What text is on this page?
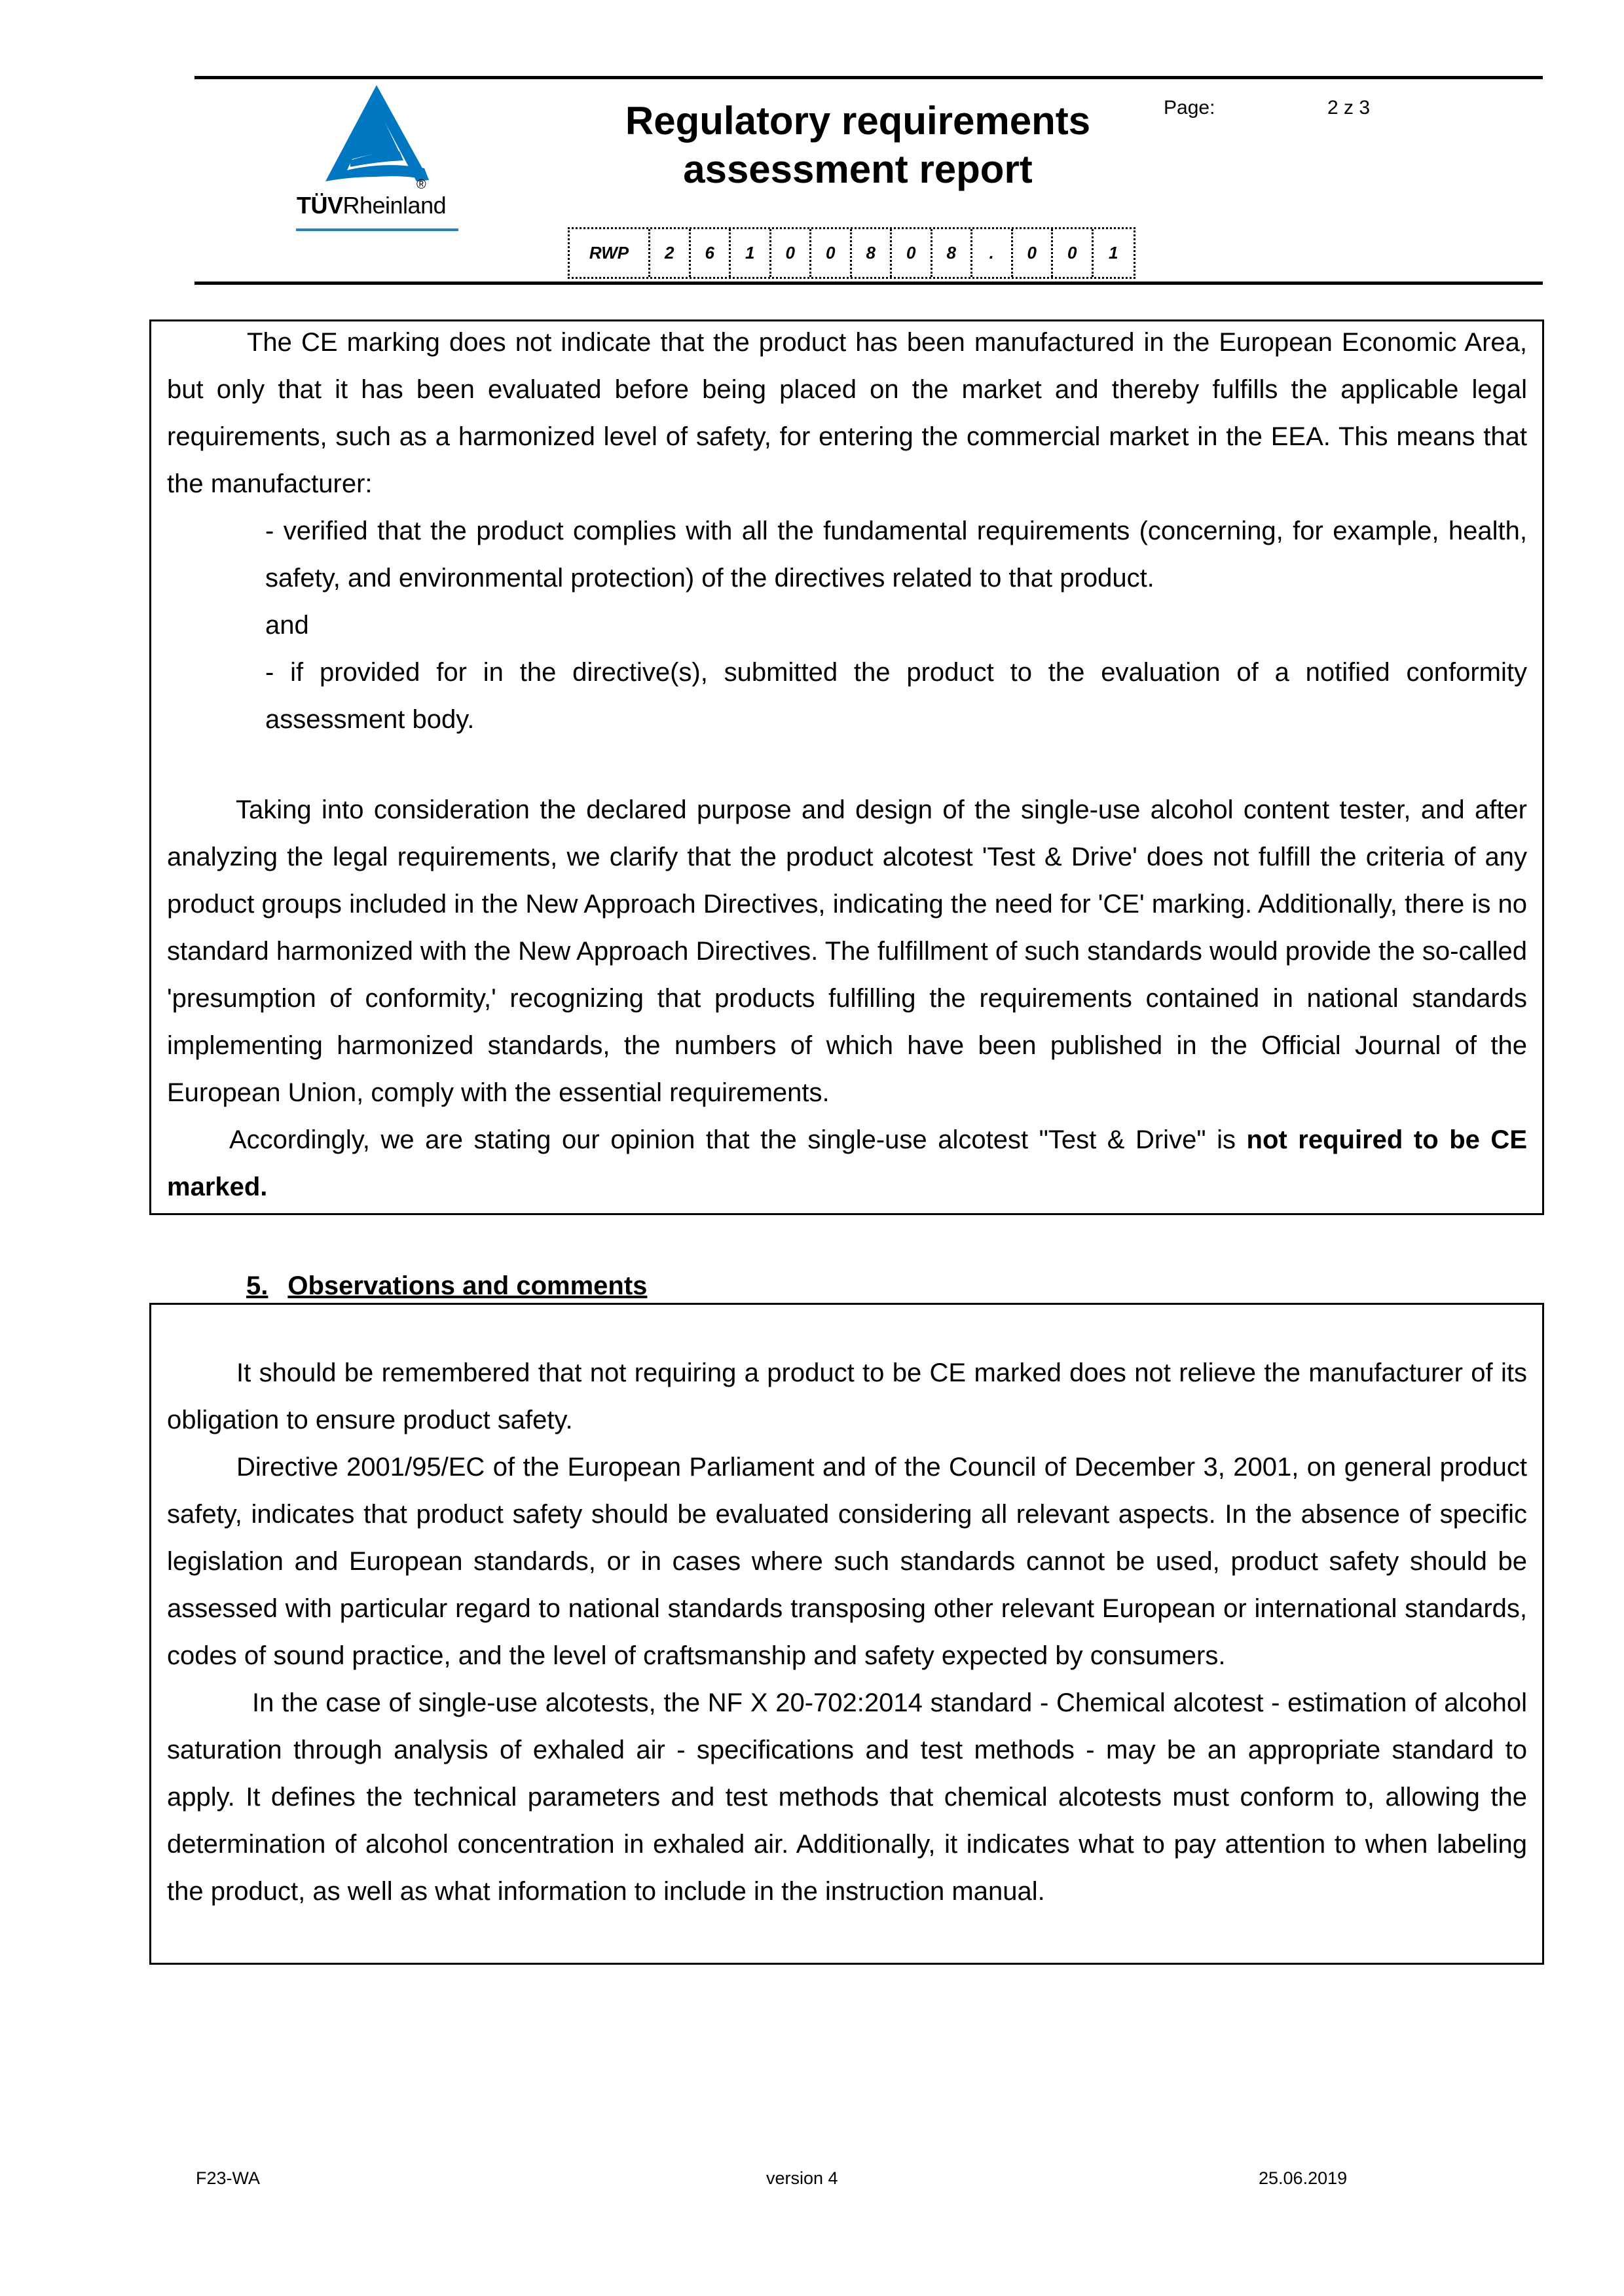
®
TÜVRheinland
Regulatory requirements
assessment report
Page:	2 z 3
RWP	2	6	1	0	0	8	0	8	.	0	0	1
The CE marking does not indicate that the product has been manufactured in the European Economic Area, but only that it has been evaluated before being placed on the market and thereby fulfills the applicable legal requirements, such as a harmonized level of safety, for entering the commercial market in the EEA. This means that the manufacturer:
- verified that the product complies with all the fundamental requirements (concerning, for example, health, safety, and environmental protection) of the directives related to that product.
and
- if provided for in the directive(s), submitted the product to the evaluation of a notified conformity assessment body.
Taking into consideration the declared purpose and design of the single-use alcohol content tester, and after analyzing the legal requirements, we clarify that the product alcotest 'Test & Drive' does not fulfill the criteria of any product groups included in the New Approach Directives, indicating the need for 'CE' marking. Additionally, there is no standard harmonized with the New Approach Directives. The fulfillment of such standards would provide the so-called 'presumption of conformity,' recognizing that products fulfilling the requirements contained in national standards implementing harmonized standards, the numbers of which have been published in the Official Journal of the European Union, comply with the essential requirements.
Accordingly, we are stating our opinion that the single-use alcotest "Test & Drive" is not required to be CE marked.
5. Observations and comments
It should be remembered that not requiring a product to be CE marked does not relieve the manufacturer of its obligation to ensure product safety.
Directive 2001/95/EC of the European Parliament and of the Council of December 3, 2001, on general product safety, indicates that product safety should be evaluated considering all relevant aspects. In the absence of specific legislation and European standards, or in cases where such standards cannot be used, product safety should be assessed with particular regard to national standards transposing other relevant European or international standards, codes of sound practice, and the level of craftsmanship and safety expected by consumers.
In the case of single-use alcotests, the NF X 20-702:2014 standard - Chemical alcotest - estimation of alcohol saturation through analysis of exhaled air - specifications and test methods - may be an appropriate standard to apply. It defines the technical parameters and test methods that chemical alcotests must conform to, allowing the determination of alcohol concentration in exhaled air. Additionally, it indicates what to pay attention to when labeling the product, as well as what information to include in the instruction manual.
F23-WA	version 4	25.06.2019
